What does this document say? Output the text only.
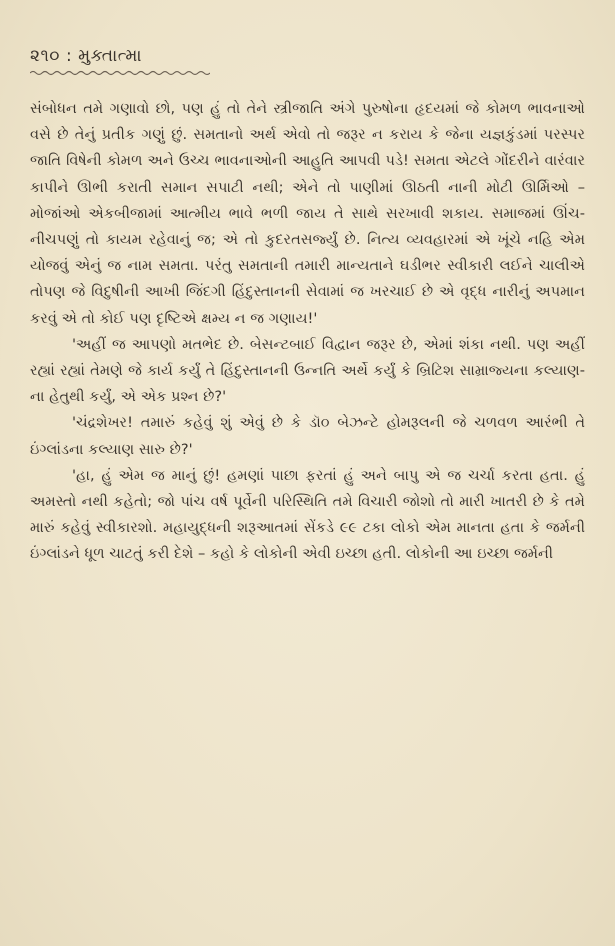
૨૧૦ : મુક્તાત્મા

સંબોધન તમે ગણાવો છો, પણ હું તો તેને સ્ત્રીજાતિ અંગે પુરુષોના હૃદયમાં જે કોમળ ભાવનાઓ વસે છે તેનું પ્રતીક ગણું છું. સમતાનો અર્થ એવો તો જરૂર ન કરાય કે જેના યજ્ઞકુંડમાં પરસ્પર જાતિ વિષેની કોમળ અને ઉચ્ચ ભાવનાઓની આહુતિ આપવી પડે! સમતા એટલે ગોંદરીને વારંવાર કાપીને ઊભી કરાતી સમાન સપાટી નથી; એને તો પાણીમાં ઊઠતી નાની મોટી ઊર્મિઓ – મોજાંઓ એકબીજામાં આત્મીય ભાવે ભળી જાય તે સાથે સરખાવી શકાય. સમાજમાં ઊંચ-નીચપણું તો કાયમ રહેવાનું જ; એ તો કુદરતસર્જ્યું છે. નિત્ય વ્યવહારમાં એ ખૂંચે નહિ એમ યોજવું એનું જ નામ સમતા. પરંતુ સમતાની તમારી માન્યતાને ઘડીભર સ્વીકારી લઈને ચાલીએ તોપણ જે વિદુષીની આખી જિંદગી હિંદુસ્તાનની સેવામાં જ ખરચાઈ છે એ વૃદ્ધ નારીનું અપમાન કરવું એ તો કોઈ પણ દૃષ્ટિએ ક્ષમ્ય ન જ ગણાય!'

'અહીં જ આપણો મતભેદ છે. બેસન્ટબાઈ વિદ્વાન જરૂર છે, એમાં શંકા નથી. પણ અહીં રહ્યાં રહ્યાં તેમણે જે કાર્ય કર્યું તે હિંદુસ્તાનની ઉન્નતિ અર્થે કર્યું કે બ્રિટિશ સામ્રાજ્યના કલ્યાણ-ના હેતુથી કર્યું, એ એક પ્રશ્ન છે?'

'ચંદ્રશેખર! તમારું કહેવું શું એવું છે કે ડૉ૦ બેઝન્ટે હોમરૂલની જે ચળવળ આરંભી તે ઇંગ્લાંડના કલ્યાણ સારુ છે?'

'હા, હું એમ જ માનું છું! હમણાં પાછા ફરતાં હું અને બાપુ એ જ ચર્ચા કરતા હતા. હું અમસ્તો નથી કહેતો; જો પાંચ વર્ષ પૂર્વેની પરિસ્થિતિ તમે વિચારી જોશો તો મારી ખાતરી છે કે તમે મારું કહેવું સ્વીકારશો. મહાયુદ્ધની શરૂઆતમાં સેંકડે ૯૯ ટકા લોકો એમ માનતા હતા કે જર્મની ઇંગ્લાંડને ધૂળ ચાટતું કરી દેશે – કહો કે લોકોની એવી ઇચ્છા હતી. લોકોની આ ઇચ્છા જર્મની
